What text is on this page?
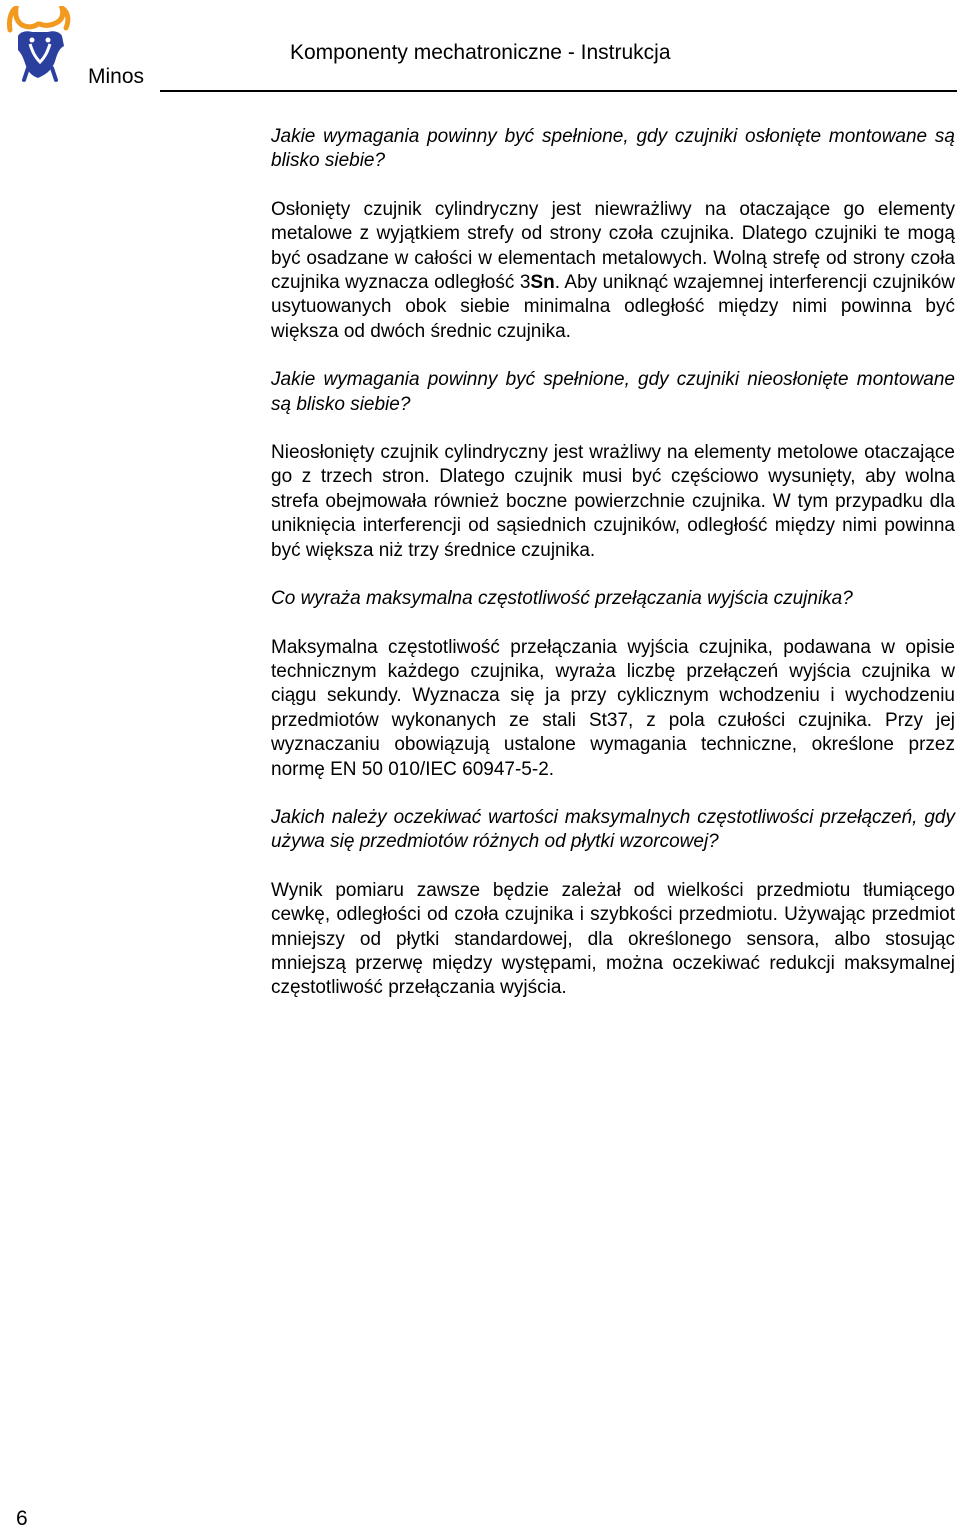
Minos
Komponenty mechatroniczne - Instrukcja

Jakie wymagania powinny być spełnione, gdy czujniki osłonięte montowane są blisko siebie?

Osłonięty czujnik cylindryczny jest niewrażliwy na otaczające go elementy metalowe z wyjątkiem strefy od strony czoła czujnika. Dlatego czujniki te mogą być osadzane w całości w elementach metalowych. Wolną strefę od strony czoła czujnika wyznacza odległość 3Sn. Aby uniknąć wzajemnej interferencji czujników usytuowanych obok siebie minimalna odległość między nimi powinna być większa od dwóch średnic czujnika.

Jakie wymagania powinny być spełnione, gdy czujniki nieosłonięte montowane są blisko siebie?

Nieosłonięty czujnik cylindryczny jest wrażliwy na elementy metolowe otaczające go z trzech stron. Dlatego czujnik musi być częściowo wysunięty, aby wolna strefa obejmowała również boczne powierzchnie czujnika. W tym przypadku dla uniknięcia interferencji od sąsiednich czujników, odległość między nimi powinna być większa niż trzy średnice czujnika.

Co wyraża maksymalna częstotliwość przełączania wyjścia czujnika?

Maksymalna częstotliwość przełączania wyjścia czujnika, podawana w opisie technicznym każdego czujnika, wyraża liczbę przełączeń wyjścia czujnika w ciągu sekundy. Wyznacza się ja przy cyklicznym wchodzeniu i wychodzeniu przedmiotów wykonanych ze stali St37, z pola czułości czujnika. Przy jej wyznaczaniu obowiązują ustalone wymagania techniczne, określone przez normę EN 50 010/IEC 60947-5-2.

Jakich należy oczekiwać wartości maksymalnych częstotliwości przełączeń, gdy używa się przedmiotów różnych od płytki wzorcowej?

Wynik pomiaru zawsze będzie zależał od wielkości przedmiotu tłumiącego cewkę, odległości od czoła czujnika i szybkości przedmiotu. Używając przedmiot mniejszy od płytki standardowej, dla określonego sensora, albo stosując mniejszą przerwę między występami, można oczekiwać redukcji maksymalnej częstotliwość przełączania wyjścia.

6
